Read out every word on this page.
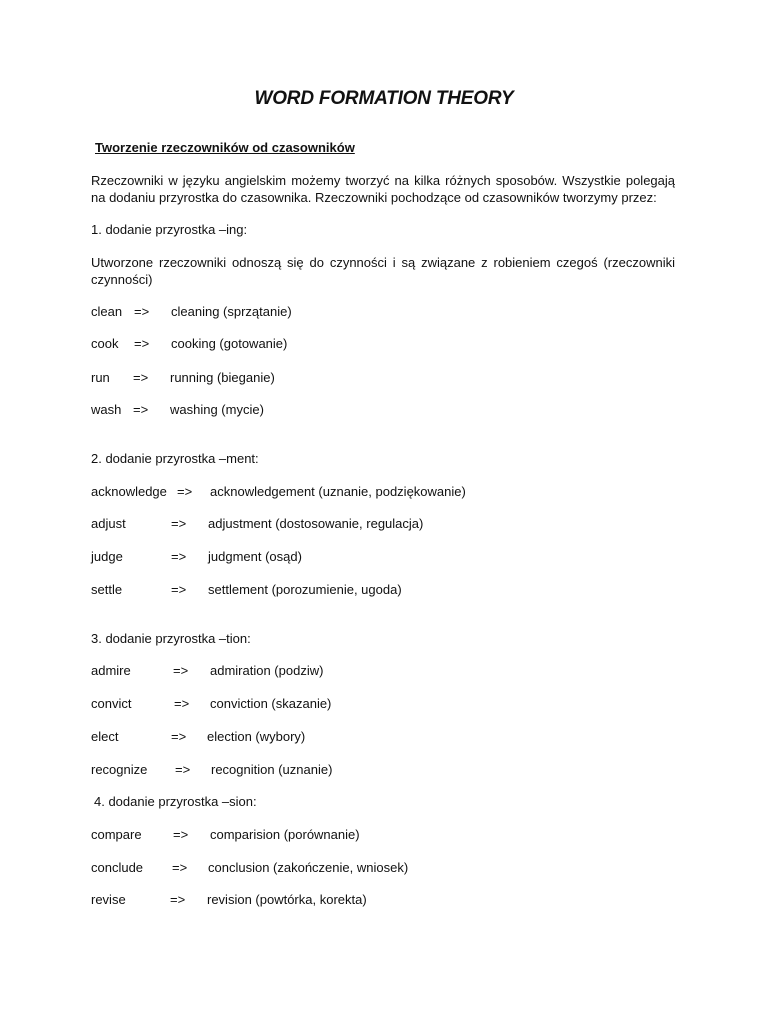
WORD FORMATION THEORY
Tworzenie rzeczowników od czasowników

Rzeczowniki w języku angielskim możemy tworzyć na kilka różnych sposobów. Wszystkie polegają na dodaniu przyrostka do czasownika. Rzeczowniki pochodzące od czasowników tworzymy przez:

1. dodanie przyrostka –ing:

Utworzone rzeczowniki odnoszą się do czynności i są związane z robieniem czegoś (rzeczowniki czynności)

clean => cleaning (sprzątanie)
cook => cooking (gotowanie)
run => running (bieganie)
wash => washing (mycie)
2. dodanie przyrostka –ment:
acknowledge => acknowledgement (uznanie, podziękowanie)
adjust	=> adjustment (dostosowanie, regulacja)
judge	=> judgment (osąd)
settle	=> settlement (porozumienie, ugoda)
3. dodanie przyrostka –tion:
admire	=> admiration (podziw)
convict	=> conviction (skazanie)
elect	=> election (wybory)
recognize => recognition (uznanie)
4. dodanie przyrostka –sion:
compare => comparision (porównanie)
conclude => conclusion (zakończenie, wniosek)
revise	=> revision (powtórka, korekta)
